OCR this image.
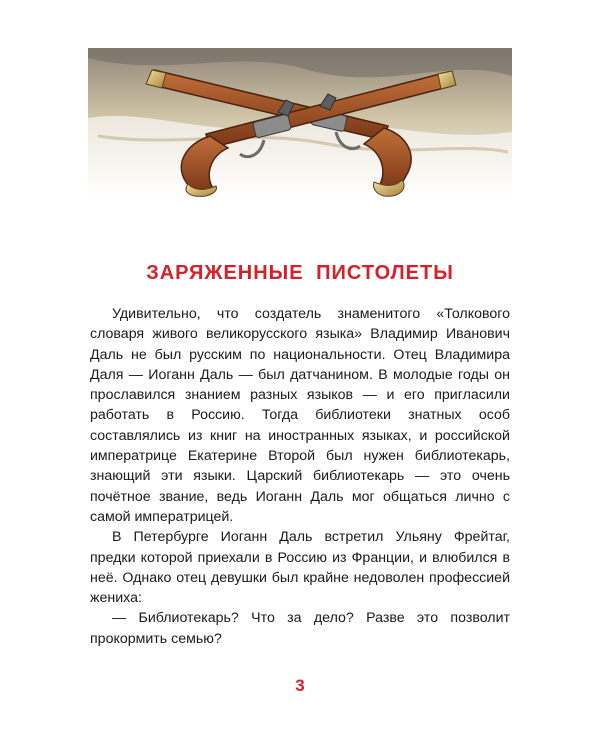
ЗАРЯЖЕННЫЕ ПИСТОЛЕТЫ

Удивительно, что создатель знаменитого «Толкового словаря живого великорусского языка» Владимир Иванович Даль не был русским по национальности. Отец Владимира Даля — Иоганн Даль — был датчанином. В молодые годы он прославился знанием разных языков — и его пригласили работать в Россию. Тогда библиотеки знатных особ составлялись из книг на иностранных языках, и российской императрице Екатерине Второй был нужен библиотекарь, знающий эти языки. Царский библиотекарь — это очень почётное звание, ведь Иоганн Даль мог общаться лично с самой императрицей.

В Петербурге Иоганн Даль встретил Ульяну Фрейтаг, предки которой приехали в Россию из Франции, и влюбился в неё. Однако отец девушки был крайне недоволен профессией жениха:

— Библиотекарь? Что за дело? Разве это позволит прокормить семью?

3
